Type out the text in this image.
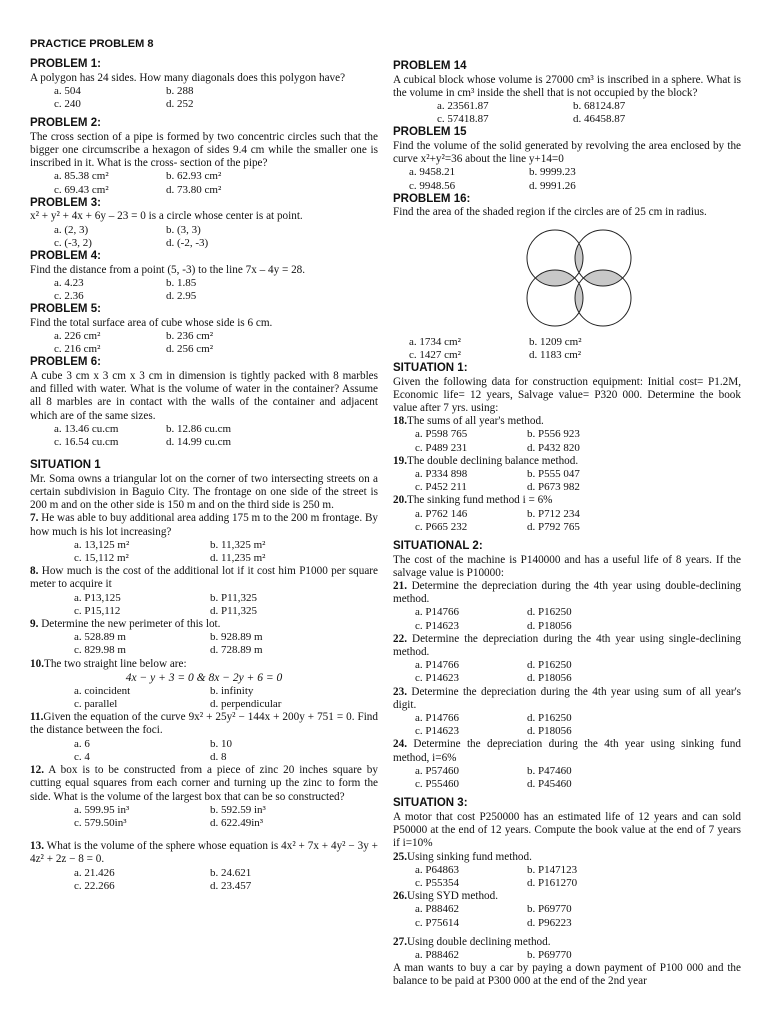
PRACTICE PROBLEM 8

PROBLEM 1:

A polygon has 24 sides. How many diagonals does this polygon have?

a. 504	b. 288
c. 240	d. 252

PROBLEM 2:

The cross section of a pipe is formed by two concentric circles such that the bigger one circumscribe a hexagon of sides 9.4 cm while the smaller one is inscribed in it. What is the cross- section of the pipe?

a. 85.38 cm²	b. 62.93 cm²
c. 69.43 cm²	d. 73.80 cm²

PROBLEM 3:

x² + y² + 4x + 6y – 23 = 0 is a circle whose center is at point.

a. (2, 3)	b. (3, 3)
c. (-3, 2)	d. (-2, -3)

PROBLEM 4:

Find the distance from a point (5, -3) to the line 7x – 4y = 28.

a. 4.23	b. 1.85
c. 2.36	d. 2.95

PROBLEM 5:

Find the total surface area of cube whose side is 6 cm.

a. 226 cm²	b. 236 cm²
c. 216 cm²	d. 256 cm²

PROBLEM 6:

A cube 3 cm x 3 cm x 3 cm in dimension is tightly packed with 8 marbles and filled with water. What is the volume of water in the container? Assume all 8 marbles are in contact with the walls of the container and adjacent which are of the same sizes.

a. 13.46 cu.cm	b. 12.86 cu.cm
c. 16.54 cu.cm	d. 14.99 cu.cm

SITUATION 1

Mr. Soma owns a triangular lot on the corner of two intersecting streets on a certain subdivision in Baguio City. The frontage on one side of the street is 200 m and on the other side is 150 m and on the third side is 250 m.

7. He was able to buy additional area adding 175 m to the 200 m frontage. By how much is his lot increasing?

a. 13,125 m²	b. 11,325 m²
c. 15,112 m²	d. 11,235 m²

8. How much is the cost of the additional lot if it cost him P1000 per square meter to acquire it

a. P13,125	b. P11,325
c. P15,112	d. P11,325

9. Determine the new perimeter of this lot.

a. 528.89 m	b. 928.89 m
c. 829.98 m	d. 728.89 m

10.The two straight line below are:

4x − y + 3 = 0 & 8x − 2y + 6 = 0

a. coincident	b. infinity
c. parallel	d. perpendicular

11.Given the equation of the curve 9x² + 25y² − 144x + 200y + 751 = 0. Find the distance between the foci.

a. 6	b. 10
c. 4	d. 8

12. A box is to be constructed from a piece of zinc 20 inches square by cutting equal squares from each corner and turning up the zinc to form the side. What is the volume of the largest box that can be so constructed?

a. 599.95 in³	b. 592.59 in³
c. 579.50in³	d. 622.49in³

13. What is the volume of the sphere whose equation is 4x² + 7x + 4y² − 3y + 4z² + 2z − 8 = 0.

a. 21.426	b. 24.621
c. 22.266	d. 23.457

PROBLEM 14

A cubical block whose volume is 27000 cm³ is inscribed in a sphere. What is the volume in cm³ inside the shell that is not occupied by the block?

a. 23561.87	b. 68124.87
c. 57418.87	d. 46458.87

PROBLEM 15

Find the volume of the solid generated by revolving the area enclosed by the curve x²+y²=36 about the line y+14=0

a. 9458.21	b. 9999.23
c. 9948.56	d. 9991.26

PROBLEM 16:

Find the area of the shaded region if the circles are of 25 cm in radius.

a. 1734 cm²	b. 1209 cm²
c. 1427 cm²	d. 1183 cm²

SITUATION 1:

Given the following data for construction equipment: Initial cost= P1.2M, Economic life= 12 years, Salvage value= P320 000. Determine the book value after 7 yrs. using:

18.The sums of all year's method.

a. P598 765	b. P556 923
c. P489 231	d. P432 820

19.The double declining balance method.

a. P334 898	b. P555 047
c. P452 211	d. P673 982

20.The sinking fund method i = 6%

a. P762 146	b. P712 234
c. P665 232	d. P792 765

SITUATIONAL 2:

The cost of the machine is P140000 and has a useful life of 8 years. If the salvage value is P10000:

21. Determine the depreciation during the 4th year using double-declining method.

a. P14766	d. P16250
c. P14623	d. P18056

22. Determine the depreciation during the 4th year using single-declining method.

a. P14766	d. P16250
c. P14623	d. P18056

23. Determine the depreciation during the 4th year using sum of all year's digit.

a. P14766	d. P16250
c. P14623	d. P18056

24. Determine the depreciation during the 4th year using sinking fund method, i=6%

a. P57460	b. P47460
c. P55460	d. P45460

SITUATION 3:

A motor that cost P250000 has an estimated life of 12 years and can sold P50000 at the end of 12 years. Compute the book value at the end of 7 years if i=10%

25.Using sinking fund method.

a. P64863	b. P147123
c. P55354	d. P161270

26.Using SYD method.

a. P88462	b. P69770
c. P75614	d. P96223

27.Using double declining method.

a. P88462	b. P69770

A man wants to buy a car by paying a down payment of P100 000 and the balance to be paid at P300 000 at the end of the 2nd year
